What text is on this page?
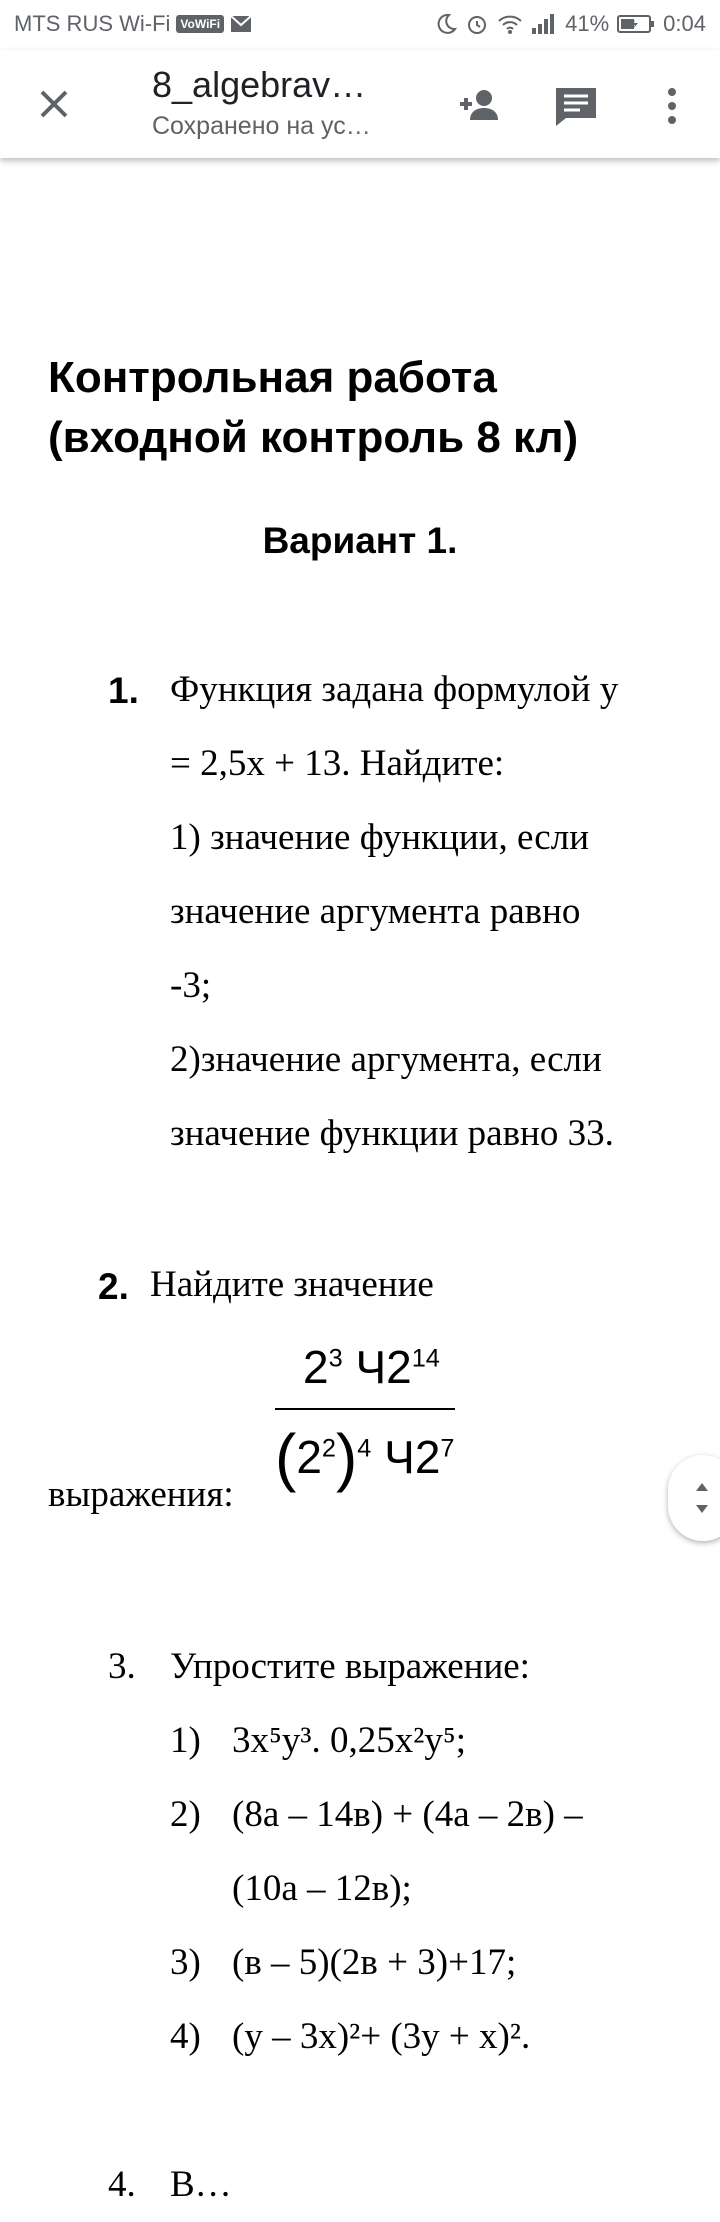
MTS RUS Wi-Fi VoWiFi	41% 0:04
8_algebrav…
Сохранено на ус…
Контрольная работа (входной контроль 8 кл)
Вариант 1.
1. Функция задана формулой у
= 2,5х + 13. Найдите:
1) значение функции, если
значение аргумента равно
-3;
2)значение аргумента, если
значение функции равно 33.
2. Найдите значение
выражения:
$2^3$ $Ч2^{14}$
$(2^2)^4$ $Ч2^7$
3. Упростите выражение:
1) 3х⁵у³. 0,25х²у⁵;
2) (8а – 14в) + (4а – 2в) –
(10а – 12в);
3) (в – 5)(2в + 3)+17;
4) (у – 3х)²+ (3у + х)².
4. В…
